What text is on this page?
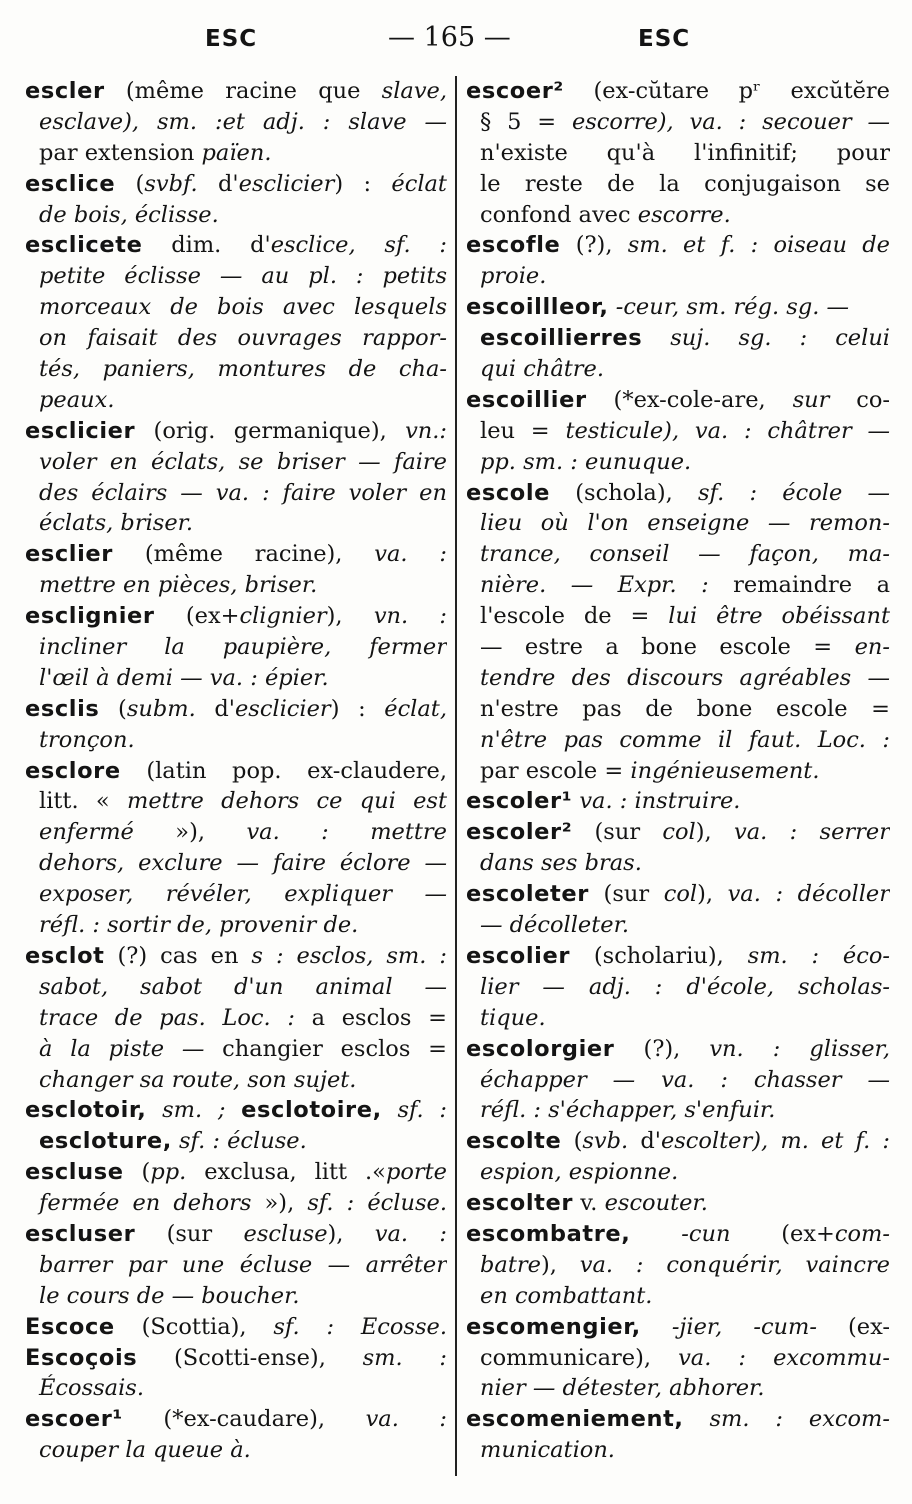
ESC	— 165 —	ESC
escler (même racine que slave,
esclave), sm. :et adj. : slave —
par extension païen.
esclice (svbf. d'esclicier) : éclat
de bois, éclisse.
esclicete dim. d'esclice, sf. :
petite éclisse — au pl. : petits
morceaux de bois avec lesquels
on faisait des ouvrages rappor-
tés, paniers, montures de cha-
peaux.
esclicier (orig. germanique), vn.:
voler en éclats, se briser — faire
des éclairs — va. : faire voler en
éclats, briser.
esclier (même racine), va. :
mettre en pièces, briser.
esclignier (ex+clignier), vn. :
incliner la paupière, fermer
l'œil à demi — va. : épier.
esclis (subm. d'esclicier) : éclat,
tronçon.
esclore (latin pop. ex-claudere,
litt. « mettre dehors ce qui est
enfermé »), va. : mettre
dehors, exclure — faire éclore —
exposer, révéler, expliquer —
réfl. : sortir de, provenir de.
esclot (?) cas en s : esclos, sm. :
sabot, sabot d'un animal —
trace de pas. Loc. : a esclos =
à la piste — changier esclos =
changer sa route, son sujet.
esclotoir, sm. ; esclotoire, sf. :
escloture, sf. : écluse.
escluse (pp. exclusa, litt .«porte
fermée en dehors »), sf. : écluse.
escluser (sur escluse), va. :
barrer par une écluse — arrêter
le cours de — boucher.
Escoce (Scottia), sf. : Ecosse.
Escoçois (Scotti-ense), sm. :
Écossais.
escoer¹ (*ex-caudare), va. :
couper la queue à.
escoer² (ex-cŭtare pʳ excŭtĕre
§ 5 = escorre), va. : secouer —
n'existe qu'à l'infinitif; pour
le reste de la conjugaison se
confond avec escorre.
escofle (?), sm. et f. : oiseau de
proie.
escoillleor, -ceur, sm. rég. sg. —
escoillierres suj. sg. : celui
qui châtre.
escoillier (*ex-cole-are, sur co-
leu = testicule), va. : châtrer —
pp. sm. : eunuque.
escole (schola), sf. : école —
lieu où l'on enseigne — remon-
trance, conseil — façon, ma-
nière. — Expr. : remaindre a
l'escole de = lui être obéissant
— estre a bone escole = en-
tendre des discours agréables —
n'estre pas de bone escole =
n'être pas comme il faut. Loc. :
par escole = ingénieusement.
escoler¹ va. : instruire.
escoler² (sur col), va. : serrer
dans ses bras.
escoleter (sur col), va. : décoller
— décolleter.
escolier (scholariu), sm. : éco-
lier — adj. : d'école, scholas-
tique.
escolorgier (?), vn. : glisser,
échapper — va. : chasser —
réfl. : s'échapper, s'enfuir.
escolte (svb. d'escolter), m. et f. :
espion, espionne.
escolter v. escouter.
escombatre, -cun (ex+com-
batre), va. : conquérir, vaincre
en combattant.
escomengier, -jier, -cum- (ex-
communicare), va. : excommu-
nier — détester, abhorer.
escomeniement, sm. : excom-
munication.
